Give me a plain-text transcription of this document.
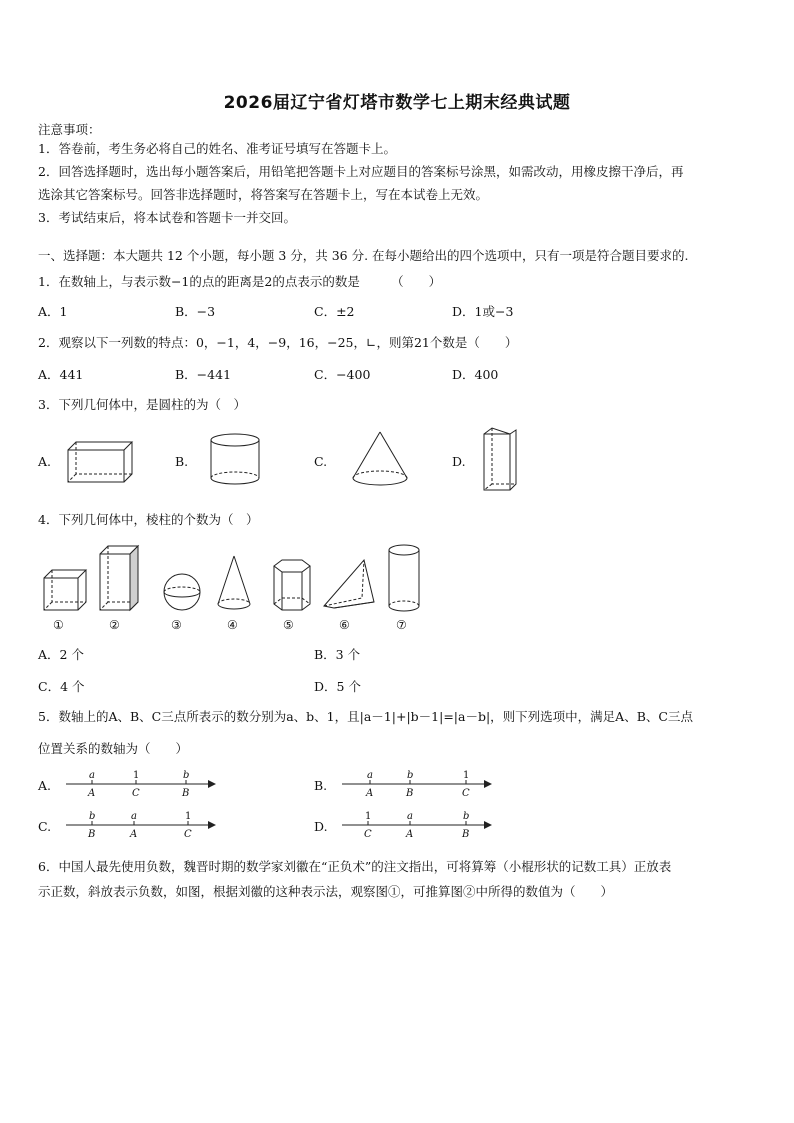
2026届辽宁省灯塔市数学七上期末经典试题
注意事项：
1．答卷前，考生务必将自己的姓名、准考证号填写在答题卡上。
2．回答选择题时，选出每小题答案后，用铅笔把答题卡上对应题目的答案标号涂黑，如需改动，用橡皮擦干净后，再
选涂其它答案标号。回答非选择题时，将答案写在答题卡上，写在本试卷上无效。
3．考试结束后，将本试卷和答题卡一并交回。
一、选择题：本大题共 12 个小题，每小题 3 分，共 36 分. 在每小题给出的四个选项中，只有一项是符合题目要求的.
1．在数轴上，与表示数−1的点的距离是2的点表示的数是　　　（　　）
A．1	B．−3	C．±2	D．1或−3
2．观察以下一列数的特点：0，−1，4，−9，16，−25，∟，则第21个数是（　　）
A．441	B．−441	C．−400	D．400
3．下列几何体中，是圆柱的为（　）
A.	B.	C.	D.
4．下列几何体中，棱柱的个数为（　）
①	②	③	④	⑤	⑥	⑦
A．2 个	B．3 个
C．4 个	D．5 个
5．数轴上的A、B、C三点所表示的数分别为a、b、1，且|a－1|+|b－1|=|a－b|，则下列选项中，满足A、B、C三点
位置关系的数轴为（　　）
A.	B.
C.	D.
a	1	b
A	C	B
a	b	1
A	B	C
b	a	1
B	A	C
1	a	b
C	A	B
6．中国人最先使用负数，魏晋时期的数学家刘徽在“正负术”的注文指出，可将算筹（小棍形状的记数工具）正放表
示正数，斜放表示负数，如图，根据刘徽的这种表示法，观察图①，可推算图②中所得的数值为（　　）
